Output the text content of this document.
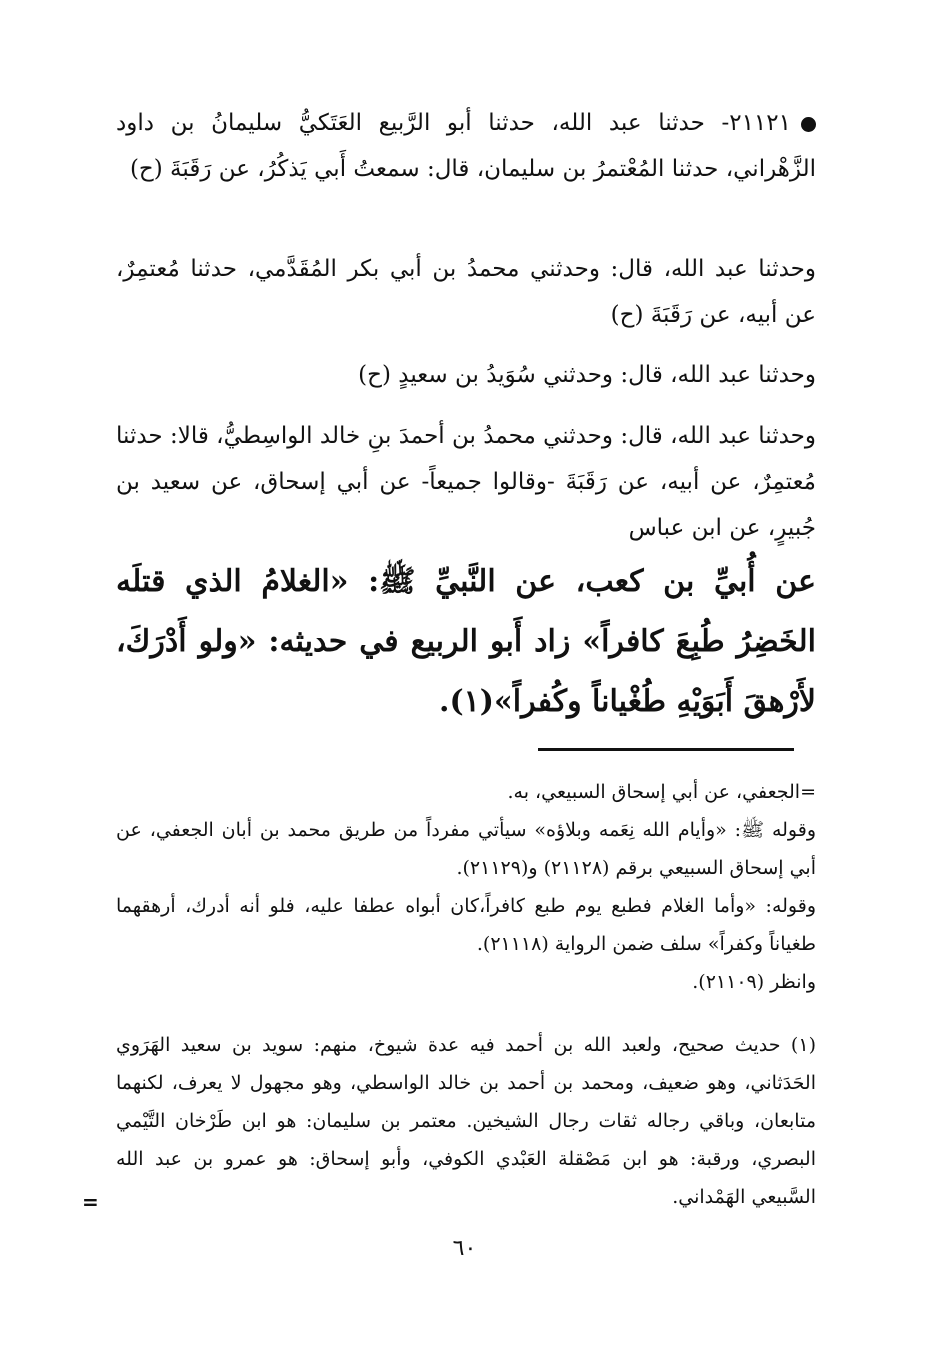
٢١١٢١- حدثنا عبد الله، حدثنا أبو الرَّبيع العَتَكيُّ سليمانُ بن داود الزَّهْراني، حدثنا المُعْتمرُ بن سليمان، قال: سمعتُ أَبي يَذكُرُ، عن رَقَبَةَ (ح)

وحدثنا عبد الله، قال: وحدثني محمدُ بن أبي بكر المُقَدَّمي، حدثنا مُعتمِرٌ، عن أبيه، عن رَقَبَةَ (ح)

وحدثنا عبد الله، قال: وحدثني سُوَيدُ بن سعيدٍ (ح)

وحدثنا عبد الله، قال: وحدثني محمدُ بن أحمدَ بنِ خالد الواسِطيُّ، قالا: حدثنا مُعتمِرٌ، عن أبيه، عن رَقَبَةَ -وقالوا جميعاً- عن أبي إسحاق، عن سعيد بن جُبيرٍ، عن ابن عباس

عن أُبيِّ بن كعب، عن النَّبيِّ ﷺ: «الغلامُ الذي قتلَه الخَضِرُ طُبِعَ كافراً» زاد أَبو الربيع في حديثه: «ولو أَدْرَكَ، لأَرْهقَ أَبَوَيْهِ طُغْياناً وكُفراً»(١).

=الجعفي، عن أبي إسحاق السبيعي، به.

وقوله ﷺ: «وأيام الله نِعَمه وبلاؤه» سيأتي مفرداً من طريق محمد بن أبان الجعفي، عن أبي إسحاق السبيعي برقم (٢١١٢٨) و(٢١١٢٩).

وقوله: «وأما الغلام فطبع يوم طبع كافراً،كان أبواه عطفا عليه، فلو أنه أدرك، أرهقهما طغياناً وكفراً» سلف ضمن الرواية (٢١١١٨).

وانظر (٢١١٠٩).

(١) حديث صحيح، ولعبد الله بن أحمد فيه عدة شيوخ، منهم: سويد بن سعيد الهَرَوي الحَدَثاني، وهو ضعيف، ومحمد بن أحمد بن خالد الواسطي، وهو مجهول لا يعرف، لكنهما متابعان، وباقي رجاله ثقات رجال الشيخين. معتمر بن سليمان: هو ابن طَرْخان التَّيْمي البصري، ورقبة: هو ابن مَصْقلة العَبْدي الكوفي، وأبو إسحاق: هو عمرو بن عبد الله السَّبيعي الهَمْداني.

=
٦٠
